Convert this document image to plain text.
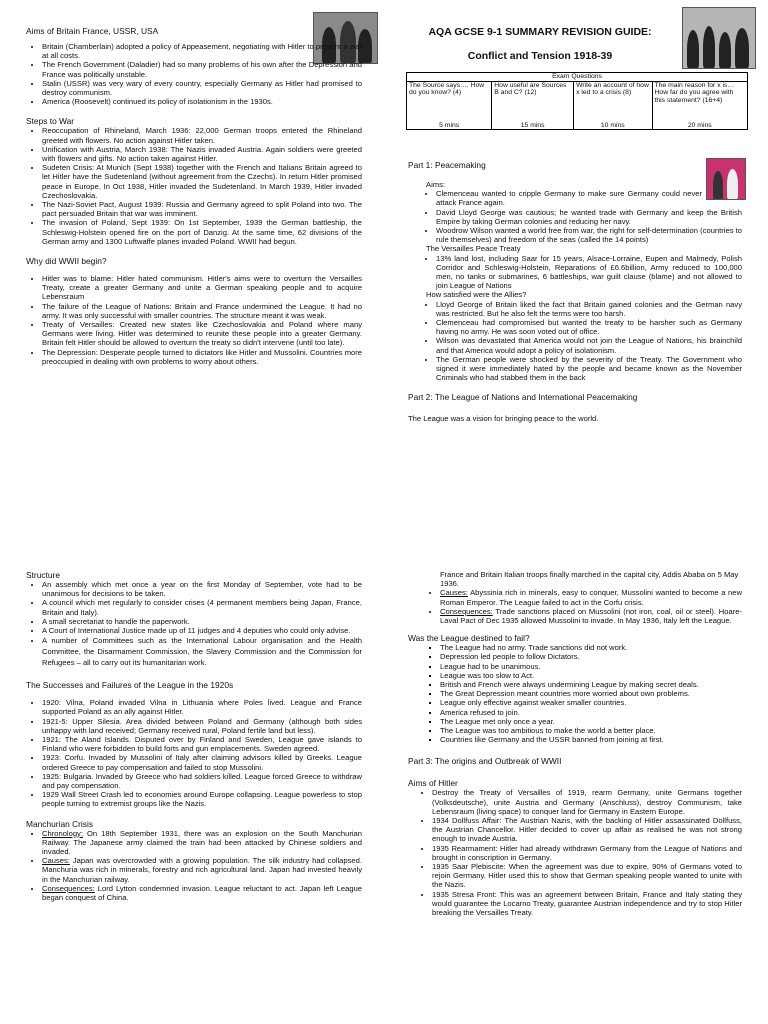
AQA GCSE 9-1 SUMMARY REVISION GUIDE:
Conflict and Tension 1918-39
Exam Questions			
The Source says…. How do you know? (4)	How useful are Sources B and C? (12)	Write an account of how x led to a crisis (8)	The main reason for x is… How far do you agree with this statement? (16+4)
5 mins	15 mins	10 mins	20 mins

Aims of Britain France, USSR, USA

• Britain (Chamberlain) adopted a policy of Appeasement, negotiating with Hitler to prevent a war at all costs.
• The French Government (Daladier) had so many problems of his own after the Depression and France was politically unstable.
• Stalin (USSR) was very wary of every country, especially Germany as Hitler had promised to destroy communism.
• America (Roosevelt) continued its policy of isolationism in the 1930s.

Steps to War

• Reoccupation of Rhineland, March 1936: 22,000 German troops entered the Rhineland greeted with flowers. No action against Hitler taken.
• Unification with Austria, March 1938: The Nazis invaded Austria. Again soldiers were greeted with flowers and gifts. No action taken against Hitler.
• Sudeten Crisis: At Munich (Sept 1938) together with the French and Italians Britain agreed to let Hitler have the Sudetenland (without agreement from the Czechs). In return Hitler promised peace in Europe. In Oct 1938, Hitler invaded the Sudetenland. In March 1939, Hitler invaded Czechoslovakia.
• The Nazi-Soviet Pact, August 1939: Russia and Germany agreed to split Poland into two. The pact persuaded Britain that war was imminent.
• The invasion of Poland, Sept 1939: On 1st September, 1939 the German battleship, the Schleswig-Holstein opened fire on the port of Danzig. At the same time, 62 divisions of the German army and 1300 Luftwaffe planes invaded Poland. WWII had begun.

Why did WWII begin?

• Hitler was to blame: Hitler hated communism. Hitler's aims were to overturn the Versailles Treaty, create a greater Germany and unite a German speaking people and to acquire Lebensraum
• The failure of the League of Nations: Britain and France undermined the League. It had no army. It was only successful with smaller countries. The structure meant it was weak.
• Treaty of Versailles: Created new states like Czechoslovakia and Poland where many Germans were living. Hitler was determined to reunite these people into a greater Germany. Britain felt Hitler should be allowed to overturn the treaty so didn't intervene (until too late).
• The Depression: Desperate people turned to dictators like Hitler and Mussolini. Countries more preoccupied in dealing with own problems to worry about others.

Part 1: Peacemaking

Aims:

• Clemenceau wanted to cripple Germany to make sure Germany could never attack France again.
• David Lloyd George was cautious; he wanted trade with Germany and keep the British Empire by taking German colonies and reducing her navy.
• Woodrow Wilson wanted a world free from war, the right for self-determination (countries to rule themselves) and freedom of the seas (called the 14 points)

The Versailles Peace Treaty

• 13% land lost, including Saar for 15 years, Alsace-Lorraine, Eupen and Malmedy, Polish Corridor and Schleswig-Holstein, Reparations of £6.6billion, Army reduced to 100,000 men, no tanks or submarines, 6 battleships, war guilt clause (blame) and not allowed to join League of Nations

How satisfied were the Allies?

• Lloyd George of Britain liked the fact that Britain gained colonies and the German navy was restricted. But he also felt the terms were too harsh.
• Clemenceau had compromised but wanted the treaty to be harsher such as Germany having no army. He was soon voted out of office.
• Wilson was devastated that America would not join the League of Nations, his brainchild and that America would adopt a policy of isolationism.
• The German people were shocked by the severity of the Treaty. The Government who signed it were immediately hated by the people and became known as the November Criminals who had stabbed them in the back

Part 2: The League of Nations and International Peacemaking

The League was a vision for bringing peace to the world.

Structure

• An assembly which met once a year on the first Monday of September, vote had to be unanimous for decisions to be taken.
• A council which met regularly to consider crises (4 permanent members being Japan, France, Britain and Italy).
• A small secretariat to handle the paperwork.
• A Court of International Justice made up of 11 judges and 4 deputies who could only advise.
• A number of Committees such as the International Labour organisation and the Health Committee, the Disarmament Commission, the Slavery Commission and the Commission for Refugees – all to carry out its humanitarian work.

The Successes and Failures of the League in the 1920s

• 1920: Vilna, Poland invaded Vilna in Lithuania where Poles lived. League and France supported Poland as an ally against Hitler.
• 1921-5: Upper Silesia. Area divided between Poland and Germany (although both sides unhappy with land received; Germany received rural, Poland fertile land but less).
• 1921: The Aland Islands. Disputed over by Finland and Sweden, League gave islands to Finland who were forbidden to build forts and gun emplacements. Sweden agreed.
• 1923: Corfu. Invaded by Mussolini of Italy after claiming advisors killed by Greeks. League ordered Greece to pay compensation and failed to stop Mussolini.
• 1925: Bulgaria. Invaded by Greece who had soldiers killed. League forced Greece to withdraw and pay compensation.
• 1929 Wall Street Crash led to economies around Europe collapsing. League powerless to stop people turning to extremist groups like the Nazis.

Manchurian Crisis

• Chronology: On 18th September 1931, there was an explosion on the South Manchurian Railway. The Japanese army claimed the train had been attacked by Chinese soldiers and invaded.
• Causes: Japan was overcrowded with a growing population. The silk industry had collapsed. Manchuria was rich in minerals, forestry and rich agricultural land. Japan had invested heavily in the Manchurian railway.
• Consequences: Lord Lytton condemned invasion. League reluctant to act. Japan left League began conquest of China.

France and Britain Italian troops finally marched in the capital city, Addis Ababa on 5 May 1936.

• Causes: Abyssinia rich in minerals, easy to conquer, Mussolini wanted to become a new Roman Emperor. The League failed to act in the Corfu crisis.
• Consequences: Trade sanctions placed on Mussolini (not iron, coal, oil or steel). Hoare-Laval Pact of Dec 1935 allowed Mussolini to invade. In May 1936, Italy left the League.

Was the League destined to fail?

▪ The League had no army. Trade sanctions did not work.
▪ Depression led people to follow Dictators.
▪ League had to be unanimous.
▪ League was too slow to Act.
▪ British and French were always undermining League by making secret deals.
▪ The Great Depression meant countries more worried about own problems.
▪ League only effective against weaker smaller countries.
▪ America refused to join.
▪ The League met only once a year.
▪ The League was too ambitious to make the world a better place.
▪ Countries like Germany and the USSR banned from joining at first.

Part 3: The origins and Outbreak of WWII

Aims of Hitler

• Destroy the Treaty of Versailles of 1919, rearm Germany, unite Germans together (Volksdeutsche), unite Austria and Germany (Anschluss), destroy Communism, take Lebensraum (living space) to conquer land for Germany in Eastern Europe.
• 1934 Dollfuss Affair: The Austrian Nazis, with the backing of Hitler assassinated Dollfuss, the Austrian Chancellor. Hitler decided to cover up affair as realised he was not strong enough to invade Austria.
• 1935 Rearmament: Hitler had already withdrawn Germany from the League of Nations and brought in conscription in Germany.
• 1935 Saar Plebiscite: When the agreement was due to expire, 90% of Germans voted to rejoin Germany. Hitler used this to show that German speaking people wanted to unite with the Nazis.
• 1935 Stresa Front: This was an agreement between Britain, France and Italy stating they would guarantee the Locarno Treaty, guarantee Austrian independence and try to stop Hitler breaking the Versailles Treaty.
